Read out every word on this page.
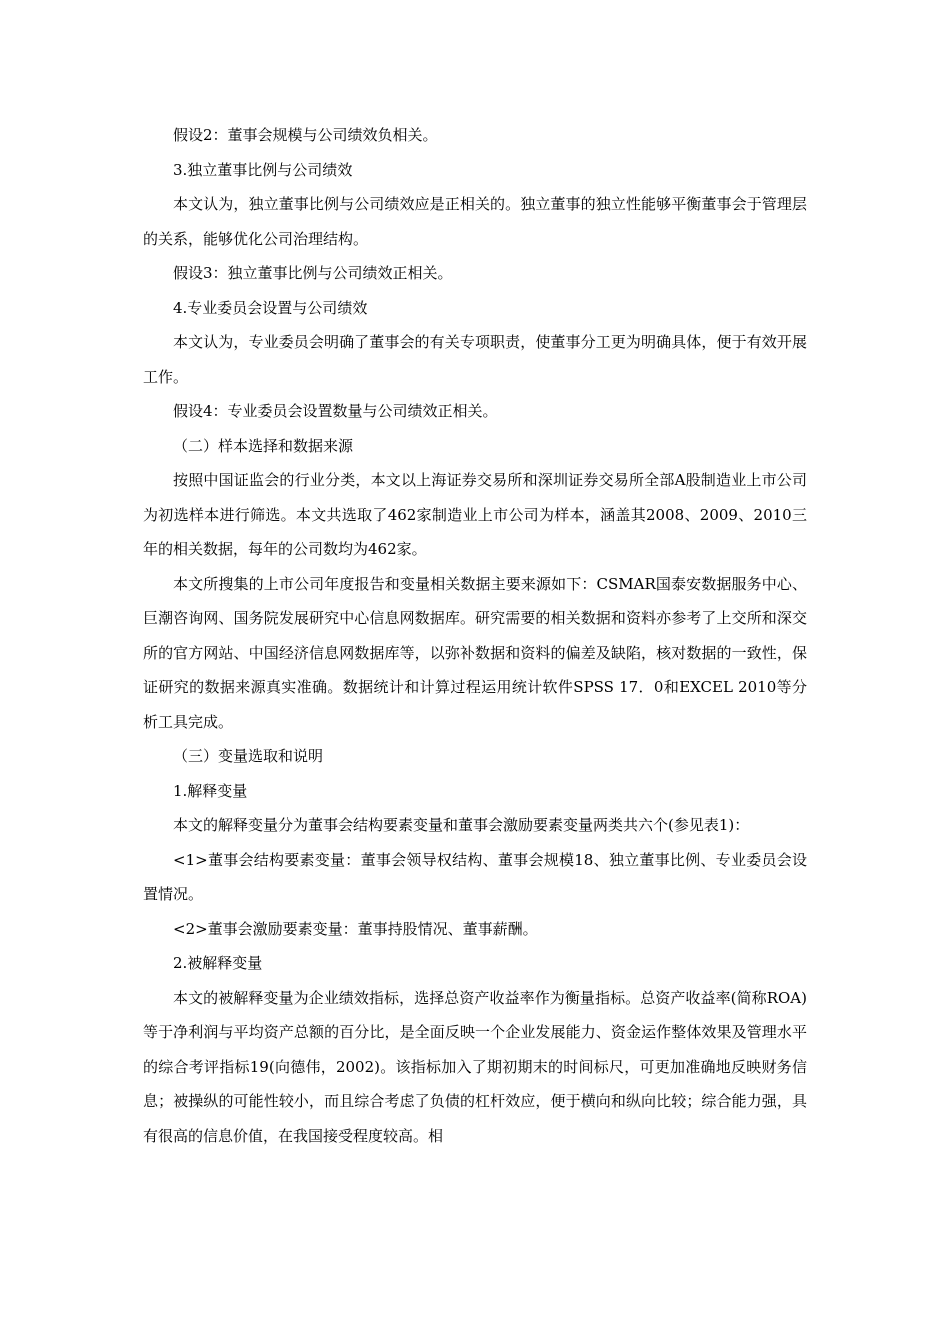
假设2：董事会规模与公司绩效负相关。

3.独立董事比例与公司绩效

本文认为，独立董事比例与公司绩效应是正相关的。独立董事的独立性能够平衡董事会于管理层的关系，能够优化公司治理结构。

假设3：独立董事比例与公司绩效正相关。

4.专业委员会设置与公司绩效

本文认为，专业委员会明确了董事会的有关专项职责，使董事分工更为明确具体，便于有效开展工作。

假设4：专业委员会设置数量与公司绩效正相关。

（二）样本选择和数据来源

按照中国证监会的行业分类，本文以上海证券交易所和深圳证券交易所全部A股制造业上市公司为初选样本进行筛选。本文共选取了462家制造业上市公司为样本，涵盖其2008、2009、2010三年的相关数据，每年的公司数均为462家。

本文所搜集的上市公司年度报告和变量相关数据主要来源如下：CSMAR国泰安数据服务中心、巨潮咨询网、国务院发展研究中心信息网数据库。研究需要的相关数据和资料亦参考了上交所和深交所的官方网站、中国经济信息网数据库等，以弥补数据和资料的偏差及缺陷，核对数据的一致性，保证研究的数据来源真实准确。数据统计和计算过程运用统计软件SPSS 17．0和EXCEL 2010等分析工具完成。

（三）变量选取和说明

1.解释变量

本文的解释变量分为董事会结构要素变量和董事会激励要素变量两类共六个(参见表1)：

<1>董事会结构要素变量：董事会领导权结构、董事会规模18、独立董事比例、专业委员会设置情况。

<2>董事会激励要素变量：董事持股情况、董事薪酬。

2.被解释变量

本文的被解释变量为企业绩效指标，选择总资产收益率作为衡量指标。总资产收益率(简称ROA)等于净利润与平均资产总额的百分比，是全面反映一个企业发展能力、资金运作整体效果及管理水平的综合考评指标19(向德伟，2002)。该指标加入了期初期末的时间标尺，可更加准确地反映财务信息；被操纵的可能性较小，而且综合考虑了负债的杠杆效应，便于横向和纵向比较；综合能力强，具有很高的信息价值，在我国接受程度较高。相
